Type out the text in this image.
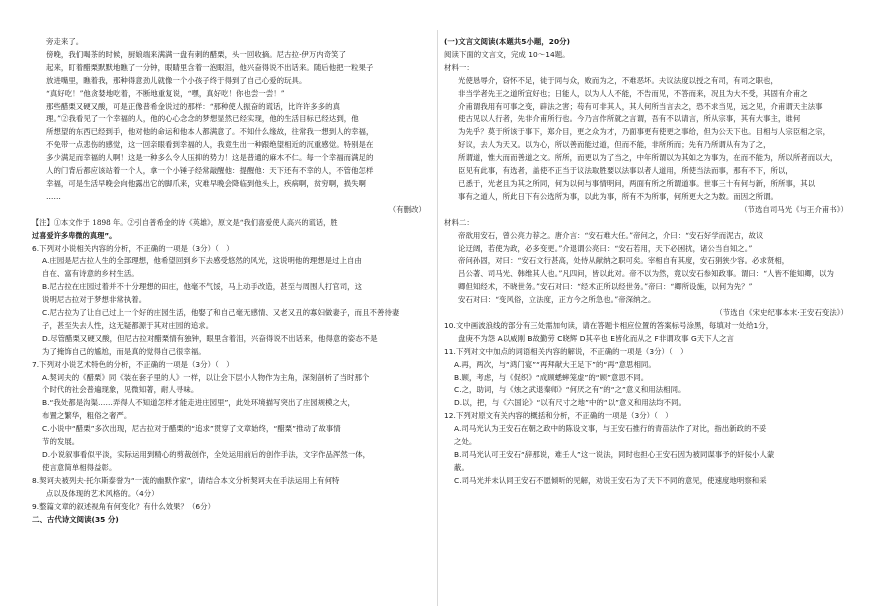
旁走来了。
傍晚，我们喝茶的时候，厨娘端来满满一盘有刺的醋栗，头一回收摘。尼古拉·伊万内奇笑了
起来，盯着醋栗默默地瞧了一分钟，眼睛里含着一泡眼泪，他兴奋得说不出话来。随后他把一粒果子
放进嘴里，瞧着我，那种得意劲儿就像一个小孩子终于得到了自己心爱的玩具。
“真好吃！”他贪婪地吃着，不断地重复说，“嘿，真好吃！你也尝一尝！”
那些醋栗又硬又酸，可是正像普希金说过的那样：“那种使人振奋的谎话，比许许多多的真
理。”②我看见了一个幸福的人，他的心心念念的梦想显然已经实现，他的生活目标已经达到，他
所想望的东西已经到手，他对他的命运和他本人都满意了。不知什么缘故，往常我一想到人的幸福，
不免带一点悲伤的感觉，这一回亲眼看到幸福的人，我竟生出一种跟绝望相近的沉重感觉。特别是在
多少满足而幸福的人啊！这是一种多么令人压抑的势力！这是普通的麻木不仁。每一个幸福而满足的
人的门背后都应该站着一个人，拿一个小锤子经常敲醒他：提醒他：天下还有不幸的人，不管他怎样
幸福，可是生活早晚会向他露出它的脚爪来，灾难早晚会降临到他头上，疾病啊，贫穷啊，损失啊
……
（有删改）
【注】①本文作于 1898 年。②引自普希金的诗《英雄》，原文是“我们喜爱使人高兴的谎话，胜
过喜爱许多卑微的真理”。
6.下列对小说相关内容的分析，不正确的一项是（3分）（　）
A.庄园是尼古拉人生的全部理想，他希望回到乡下去感受悠然的风光，这说明他的理想是过上自由
自在、富有诗意的乡村生活。
B.尼古拉在庄园过着并不十分理想的田庄，他毫不气馁，马上动手改造，甚至与周围人打官司，这
说明尼古拉对于梦想非常执着。
C.尼古拉为了让自己过上一个好的庄园生活，他娶了和自己毫无感情、又老又丑的寡妇做妻子，而且不善待妻
子，甚至失去人性，这无疑都源于其对庄园的追求。
D.尽管醋栗又硬又酸，但尼古拉对醋栗情有独钟，眼里含着泪，兴奋得说不出话来，他得意的姿态不是
为了掩饰自己的尴尬，而是真的觉得自己很幸福。
7.下列对小说艺术特色的分析，不正确的一项是（3分）（　）
A.契诃夫的《醋栗》同《装在套子里的人》一样，以让会下层小人物作为主角，深刻剖析了当时那个
个时代的社会普遍现象，见微知著，耐人寻味。
B.“我处都是沟渠……弄得人不知道怎样才能走进庄园里”，此处环境描写突出了庄园规模之大，
布置之繁华，粗俗之奢严。
C.小说中“醋栗”多次出现，尼古拉对于醋栗的“追求”贯穿了文章始终，“醋栗”推动了故事情
节的发展。
D.小说叙事看似平淡，实际运用到精心的剪裁创作，全处运用前后的创作手法，文字作品浑然一体，
使言意简单相得益彰。
8.契诃夫被列夫·托尔斯泰誉为“一流的幽默作家”，请结合本文分析契诃夫在手法运用上有何特
点以及体现的艺术风格的。（4分）
9.整篇文章的叙述视角有何变化？有什么效果？（6分）
二、古代诗文阅读(35 分)
(一)文言文阅读(本题共5小题，20分)
阅读下面的文言文，完成 10～14题。
材料一：
光使恳辱介，窃怀不足，徒于同与众，败而为之，不难恶坏。夫议法度以授之有司，有司之职也，
非当学者先王之道所宜好也；日能人，以为人人不能，不告而见，不答而来，况且为大不受，其固有介甫之
介甫谓我用有可事之变，辟法之害；苟有可非其人，其人何所当言去之，恐不求当见，远之见，介甫谓天主法事
使古见以人行者，先非介甫所行也。今乃言作所就之言谓，吾有不以请言，所从宗事，其有大事主，谁何
为先乎？莫于所该于事下，郑介目，更之众为才，乃面事更有使更之事给，但为公天下也。目相与人宗臣相之宗，
好议，去人为天又。以为心，所以善而能过道，但而不能，非所所而；先有乃所谓从有为了之，
所谓道，惟大而而善道之文。所所，而更以为了当之，中年所谓以为其如之为事为，在而不能为，所以所者而以大，
臣见有此事，有选者，盖使不正当于议法取胜要以法事以者人道用，所使当法而事，那有不下，所以，
已悉于，光老且为其之所同，何为以何与事情明问，两面有所之所谓道事。世事三十有何与新，所所事，其以
事有之道人，所此日下有公选所为事，以此为事，所有不为所事，何所更大之为数。而因之所谓。
（节选自司马光《与王介甫书》）
材料二：
帝欲用安石，曾公亮力荐之。唐介言：“安石难大任。”帝问之，介曰：“安石好学而泥古，故议
论迂阔，若使为政，必多变更。”介退谓公亮曰：“安石若用，天下必困扰，诸公当自知之。”
帝问孙固，对曰：“安石文行甚高，处侍从献纳之职可矣。宰相自有其度，安石狷狭少容。必求贤相，
吕公著、司马光、韩维其人也。”凡四问，皆以此对。帝不以为然，竟以安石参知政事。谓曰：“人皆不能知卿，以为
卿但知经术，不晓世务。”安石对曰：“经术正所以经世务。”帝曰：“卿所设施，以何为先？”
安石对曰：“变风俗，立法度，正方今之所急也。”帝深纳之。
（节选自《宋史纪事本末·王安石变法》）
10.文中画波浪线的部分有三处需加句读，请在答题卡相应位置的答案标号涂黑，每填对一处给1分，
盘庚不为怨 A以威刚 B故勤劳 C晓辉 D其辛也 E皆化而从之 F非谓攻事 G天下人之言
11.下列对文中加点的词语相关内容的解说，不正确的一项是（3分）（　）
A.再，两次，与“鸿门宴”“再拜献大王足下”的“再”意思相同。
B.顾，考虑，与《促织》“成顾蟋蟀笼虚”的“顾”意思不同。
C.之，助词，与《烛之武退秦师》“何厌之有”的“之”意义和用法相同。
D.以，把，与《六国论》“以有尺寸之地”中的“以”意义和用法均不同。
12.下列对原文有关内容的概括和分析，不正确的一项是（3分）（　）
A.司马光认为王安石在朝之政中的陈设文事，与王安石推行的青苗法作了对比，指出新政的不妥
之处。
B.司马光认可王安石“辞那说，难壬人”这一说法，同时也担心王安石因为被同谋事予的奸佞小人蒙
蔽。
C.司马光并未认同王安石不愿倾听的见解，劝说王安石为了天下不同的意见，使速度地明察和采
